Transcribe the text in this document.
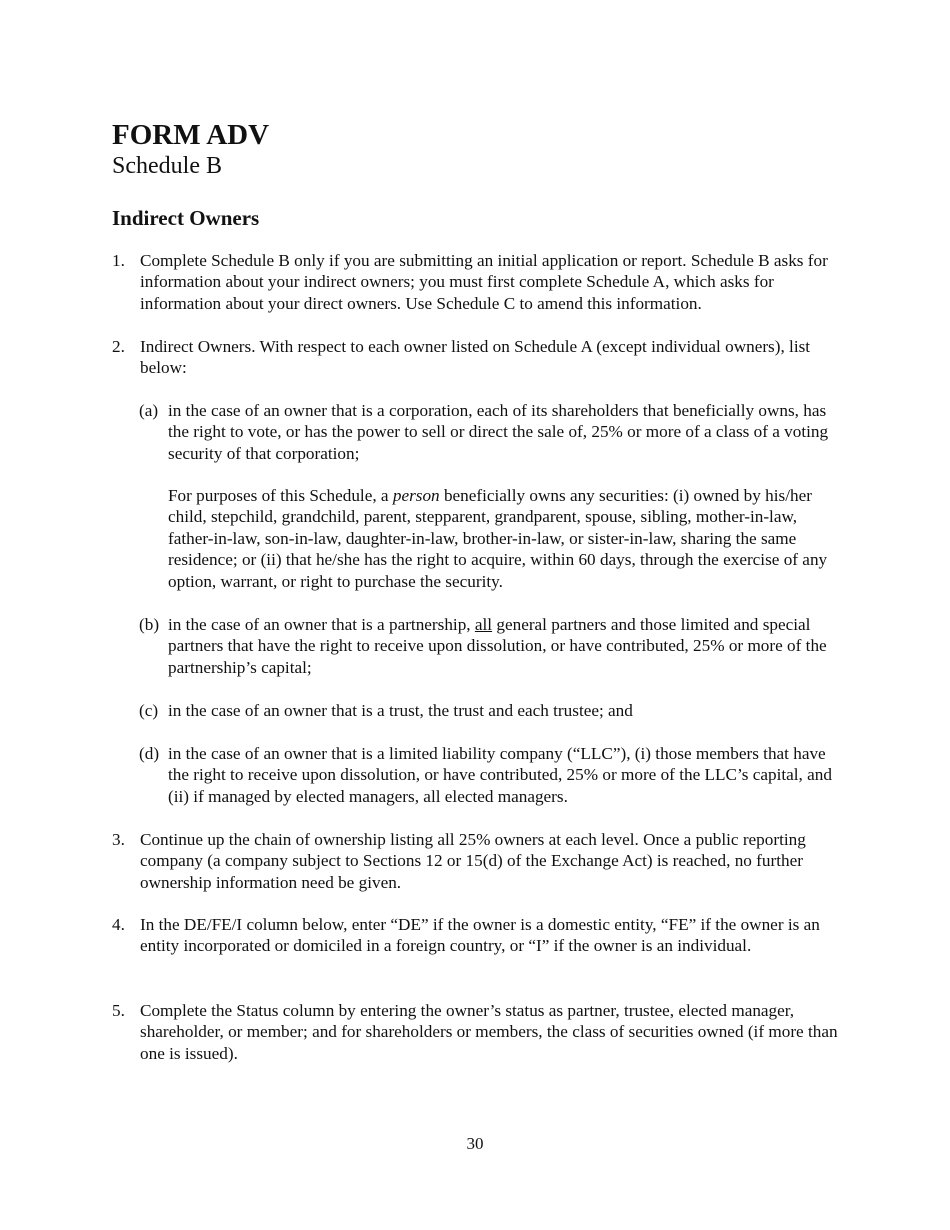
FORM ADV
Schedule B
Indirect Owners
1. Complete Schedule B only if you are submitting an initial application or report. Schedule B asks for information about your indirect owners; you must first complete Schedule A, which asks for information about your direct owners. Use Schedule C to amend this information.
2. Indirect Owners. With respect to each owner listed on Schedule A (except individual owners), list below:
(a) in the case of an owner that is a corporation, each of its shareholders that beneficially owns, has the right to vote, or has the power to sell or direct the sale of, 25% or more of a class of a voting security of that corporation;
For purposes of this Schedule, a person beneficially owns any securities: (i) owned by his/her child, stepchild, grandchild, parent, stepparent, grandparent, spouse, sibling, mother-in-law, father-in-law, son-in-law, daughter-in-law, brother-in-law, or sister-in-law, sharing the same residence; or (ii) that he/she has the right to acquire, within 60 days, through the exercise of any option, warrant, or right to purchase the security.
(b) in the case of an owner that is a partnership, all general partners and those limited and special partners that have the right to receive upon dissolution, or have contributed, 25% or more of the partnership’s capital;
(c) in the case of an owner that is a trust, the trust and each trustee; and
(d) in the case of an owner that is a limited liability company (“LLC”), (i) those members that have the right to receive upon dissolution, or have contributed, 25% or more of the LLC’s capital, and (ii) if managed by elected managers, all elected managers.
3. Continue up the chain of ownership listing all 25% owners at each level. Once a public reporting company (a company subject to Sections 12 or 15(d) of the Exchange Act) is reached, no further ownership information need be given.
4. In the DE/FE/I column below, enter “DE” if the owner is a domestic entity, “FE” if the owner is an entity incorporated or domiciled in a foreign country, or “I” if the owner is an individual.
5. Complete the Status column by entering the owner’s status as partner, trustee, elected manager, shareholder, or member; and for shareholders or members, the class of securities owned (if more than one is issued).
30
